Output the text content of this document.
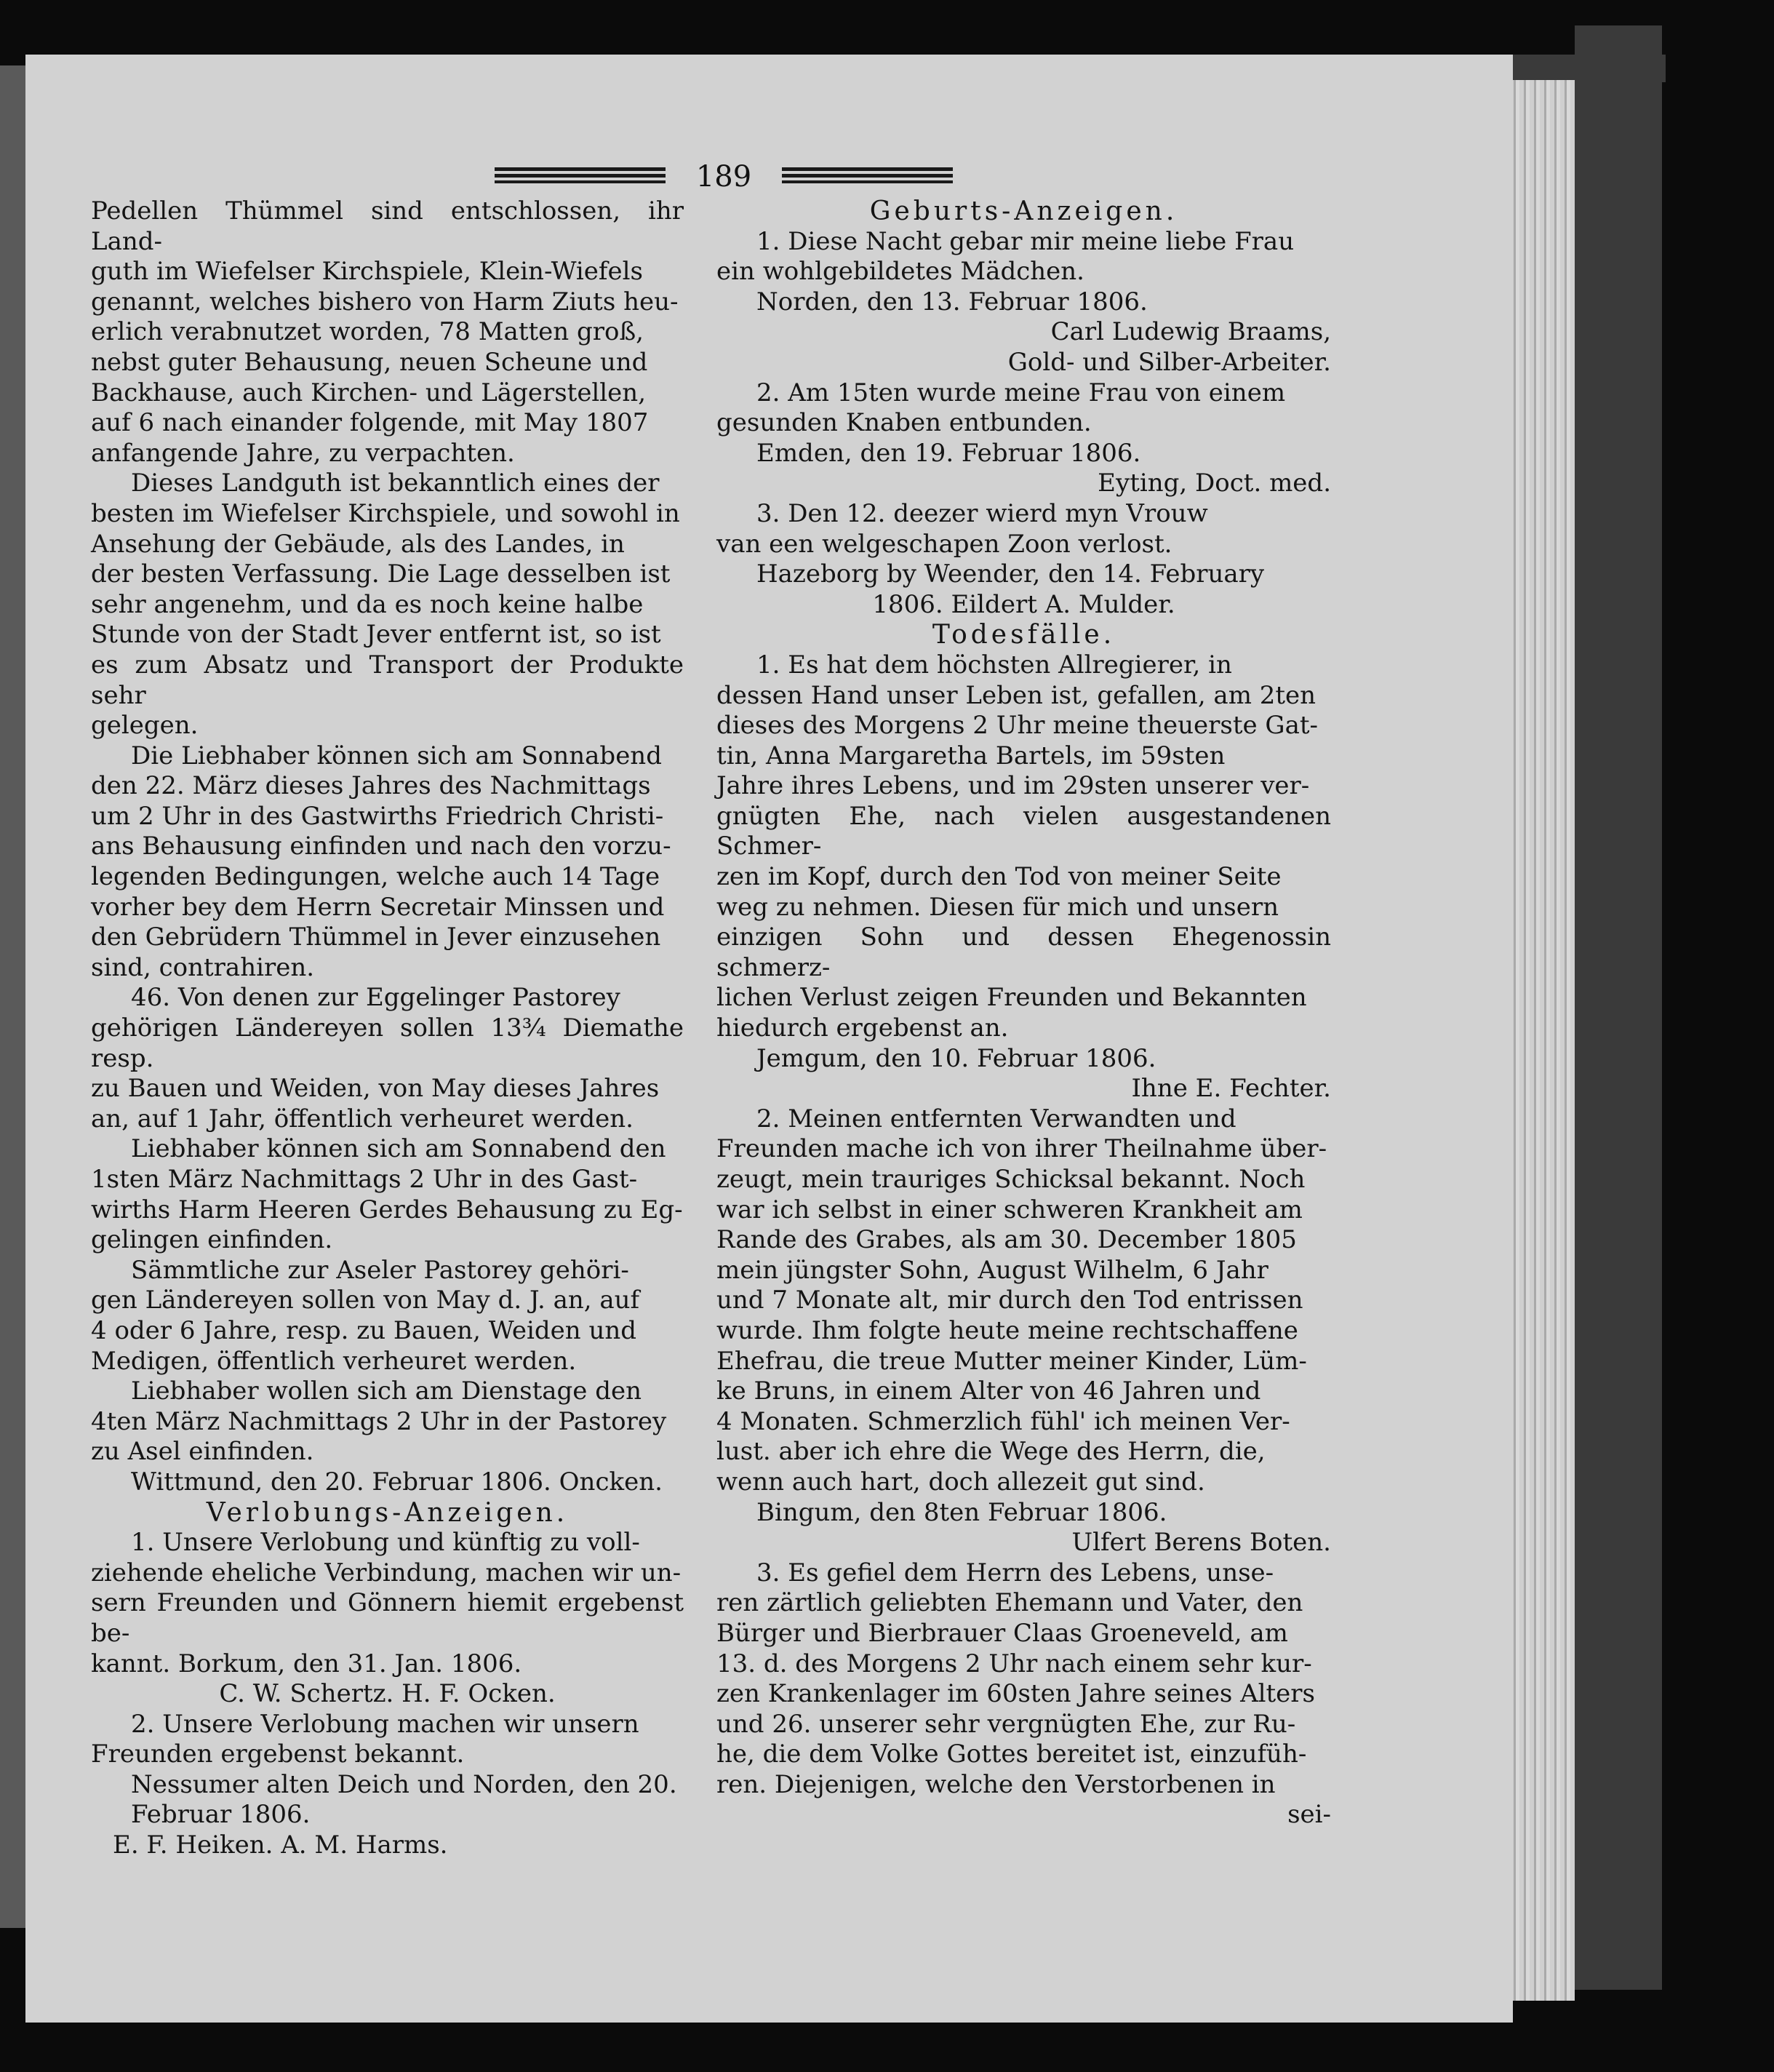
189

Pedellen Thümmel sind entschlossen, ihr Land-

guth im Wiefelser Kirchspiele, Klein-Wiefels

genannt, welches bishero von Harm Ziuts heu-

erlich verabnutzet worden, 78 Matten groß,

nebst guter Behausung, neuen Scheune und

Backhause, auch Kirchen- und Lägerstellen,

auf 6 nach einander folgende, mit May 1807

anfangende Jahre, zu verpachten.

Dieses Landguth ist bekanntlich eines der

besten im Wiefelser Kirchspiele, und sowohl in

Ansehung der Gebäude, als des Landes, in

der besten Verfassung. Die Lage desselben ist

sehr angenehm, und da es noch keine halbe

Stunde von der Stadt Jever entfernt ist, so ist

es zum Absatz und Transport der Produkte sehr

gelegen.

Die Liebhaber können sich am Sonnabend

den 22. März dieses Jahres des Nachmittags

um 2 Uhr in des Gastwirths Friedrich Christi-

ans Behausung einfinden und nach den vorzu-

legenden Bedingungen, welche auch 14 Tage

vorher bey dem Herrn Secretair Minssen und

den Gebrüdern Thümmel in Jever einzusehen

sind, contrahiren.

46. Von denen zur Eggelinger Pastorey

gehörigen Ländereyen sollen 13¾ Diemathe resp.

zu Bauen und Weiden, von May dieses Jahres

an, auf 1 Jahr, öffentlich verheuret werden.

Liebhaber können sich am Sonnabend den

1sten März Nachmittags 2 Uhr in des Gast-

wirths Harm Heeren Gerdes Behausung zu Eg-

gelingen einfinden.

Sämmtliche zur Aseler Pastorey gehöri-

gen Ländereyen sollen von May d. J. an, auf

4 oder 6 Jahre, resp. zu Bauen, Weiden und

Medigen, öffentlich verheuret werden.

Liebhaber wollen sich am Dienstage den

4ten März Nachmittags 2 Uhr in der Pastorey

zu Asel einfinden.

Wittmund, den 20. Februar 1806. Oncken.

Verlobungs-Anzeigen.

1. Unsere Verlobung und künftig zu voll-

ziehende eheliche Verbindung, machen wir un-

sern Freunden und Gönnern hiemit ergebenst be-

kannt. Borkum, den 31. Jan. 1806.

C. W. Schertz. H. F. Ocken.

2. Unsere Verlobung machen wir unsern

Freunden ergebenst bekannt.

Nessumer alten Deich und Norden, den 20.

Februar 1806.

E. F. Heiken. A. M. Harms.

Geburts-Anzeigen.

1. Diese Nacht gebar mir meine liebe Frau

ein wohlgebildetes Mädchen.

Norden, den 13. Februar 1806.

Carl Ludewig Braams,

Gold- und Silber-Arbeiter.

2. Am 15ten wurde meine Frau von einem

gesunden Knaben entbunden.

Emden, den 19. Februar 1806.

Eyting, Doct. med.

3. Den 12. deezer wierd myn Vrouw

van een welgeschapen Zoon verlost.

Hazeborg by Weender, den 14. February

1806. Eildert A. Mulder.

Todesfälle.

1. Es hat dem höchsten Allregierer, in

dessen Hand unser Leben ist, gefallen, am 2ten

dieses des Morgens 2 Uhr meine theuerste Gat-

tin, Anna Margaretha Bartels, im 59sten

Jahre ihres Lebens, und im 29sten unserer ver-

gnügten Ehe, nach vielen ausgestandenen Schmer-

zen im Kopf, durch den Tod von meiner Seite

weg zu nehmen. Diesen für mich und unsern

einzigen Sohn und dessen Ehegenossin schmerz-

lichen Verlust zeigen Freunden und Bekannten

hiedurch ergebenst an.

Jemgum, den 10. Februar 1806.

Ihne E. Fechter.

2. Meinen entfernten Verwandten und

Freunden mache ich von ihrer Theilnahme über-

zeugt, mein trauriges Schicksal bekannt. Noch

war ich selbst in einer schweren Krankheit am

Rande des Grabes, als am 30. December 1805

mein jüngster Sohn, August Wilhelm, 6 Jahr

und 7 Monate alt, mir durch den Tod entrissen

wurde. Ihm folgte heute meine rechtschaffene

Ehefrau, die treue Mutter meiner Kinder, Lüm-

ke Bruns, in einem Alter von 46 Jahren und

4 Monaten. Schmerzlich fühl' ich meinen Ver-

lust. aber ich ehre die Wege des Herrn, die,

wenn auch hart, doch allezeit gut sind.

Bingum, den 8ten Februar 1806.

Ulfert Berens Boten.

3. Es gefiel dem Herrn des Lebens, unse-

ren zärtlich geliebten Ehemann und Vater, den

Bürger und Bierbrauer Claas Groeneveld, am

13. d. des Morgens 2 Uhr nach einem sehr kur-

zen Krankenlager im 60sten Jahre seines Alters

und 26. unserer sehr vergnügten Ehe, zur Ru-

he, die dem Volke Gottes bereitet ist, einzufüh-

ren. Diejenigen, welche den Verstorbenen in

sei-
